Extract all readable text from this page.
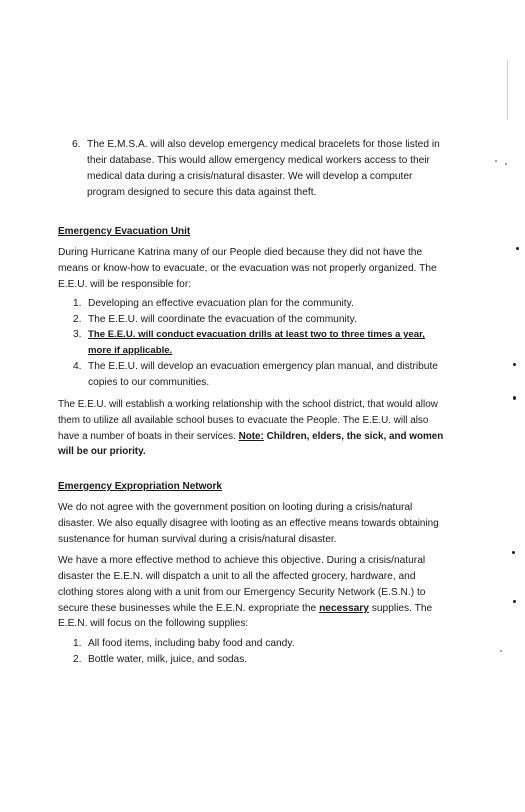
6. The E.M.S.A. will also develop emergency medical bracelets for those listed in

their database. This would allow emergency medical workers access to their

medical data during a crisis/natural disaster. We will develop a computer

program designed to secure this data against theft.

Emergency Evacuation Unit

During Hurricane Katrina many of our People died because they did not have the

means or know-how to evacuate, or the evacuation was not properly organized. The

E.E.U. will be responsible for:

1. Developing an effective evacuation plan for the community.

2. The E.E.U. will coordinate the evacuation of the community.

3. The E.E.U. will conduct evacuation drills at least two to three times a year,

more if applicable.

4. The E.E.U. will develop an evacuation emergency plan manual, and distribute

copies to our communities.

The E.E.U. will establish a working relationship with the school district, that would allow

them to utilize all available school buses to evacuate the People. The E.E.U. will also

have a number of boats in their services. Note: Children, elders, the sick, and women

will be our priority.

Emergency Expropriation Network

We do not agree with the government position on looting during a crisis/natural

disaster. We also equally disagree with looting as an effective means towards obtaining

sustenance for human survival during a crisis/natural disaster.

We have a more effective method to achieve this objective. During a crisis/natural

disaster the E.E.N. will dispatch a unit to all the affected grocery, hardware, and

clothing stores along with a unit from our Emergency Security Network (E.S.N.) to

secure these businesses while the E.E.N. expropriate the necessary supplies. The

E.E.N. will focus on the following supplies:

1. All food items, including baby food and candy.

2. Bottle water, milk, juice, and sodas.
